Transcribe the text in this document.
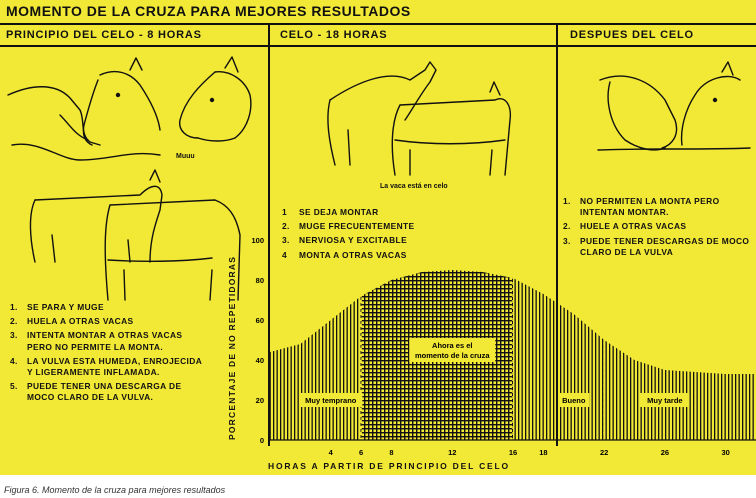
MOMENTO DE LA CRUZA PARA MEJORES RESULTADOS
PRINCIPIO DEL CELO - 8 HORAS	CELO - 18 HORAS	DESPUES DEL CELO
Muuu
La vaca está en celo
1.	SE PARA Y MUGE
2.	HUELA A OTRAS VACAS
3.	INTENTA MONTAR A OTRAS VACAS PERO NO PERMITE LA MONTA.
4.	LA VULVA ESTA HUMEDA, ENROJECIDA Y LIGERAMENTE INFLAMADA.
5.	PUEDE TENER UNA DESCARGA DE MOCO CLARO DE LA VULVA.
1	SE DEJA MONTAR
2.	MUGE FRECUENTEMENTE
3.	NERVIOSA Y EXCITABLE
4	MONTA A OTRAS VACAS
1.	NO PERMITEN LA MONTA PERO INTENTAN MONTAR.
2.	HUELE A OTRAS VACAS
3.	PUEDE TENER DESCARGAS DE MOCO CLARO DE LA VULVA
Muy temprano
Ahora es el momento de la cruza
Bueno	Muy tarde
0
20
40
60
80
100
4	6	8	12	16	18	22	26	30
PORCENTAJE DE NO REPETIDORAS
HORAS A PARTIR DE PRINCIPIO DEL CELO
Figura 6. Momento de la cruza para mejores resultados
